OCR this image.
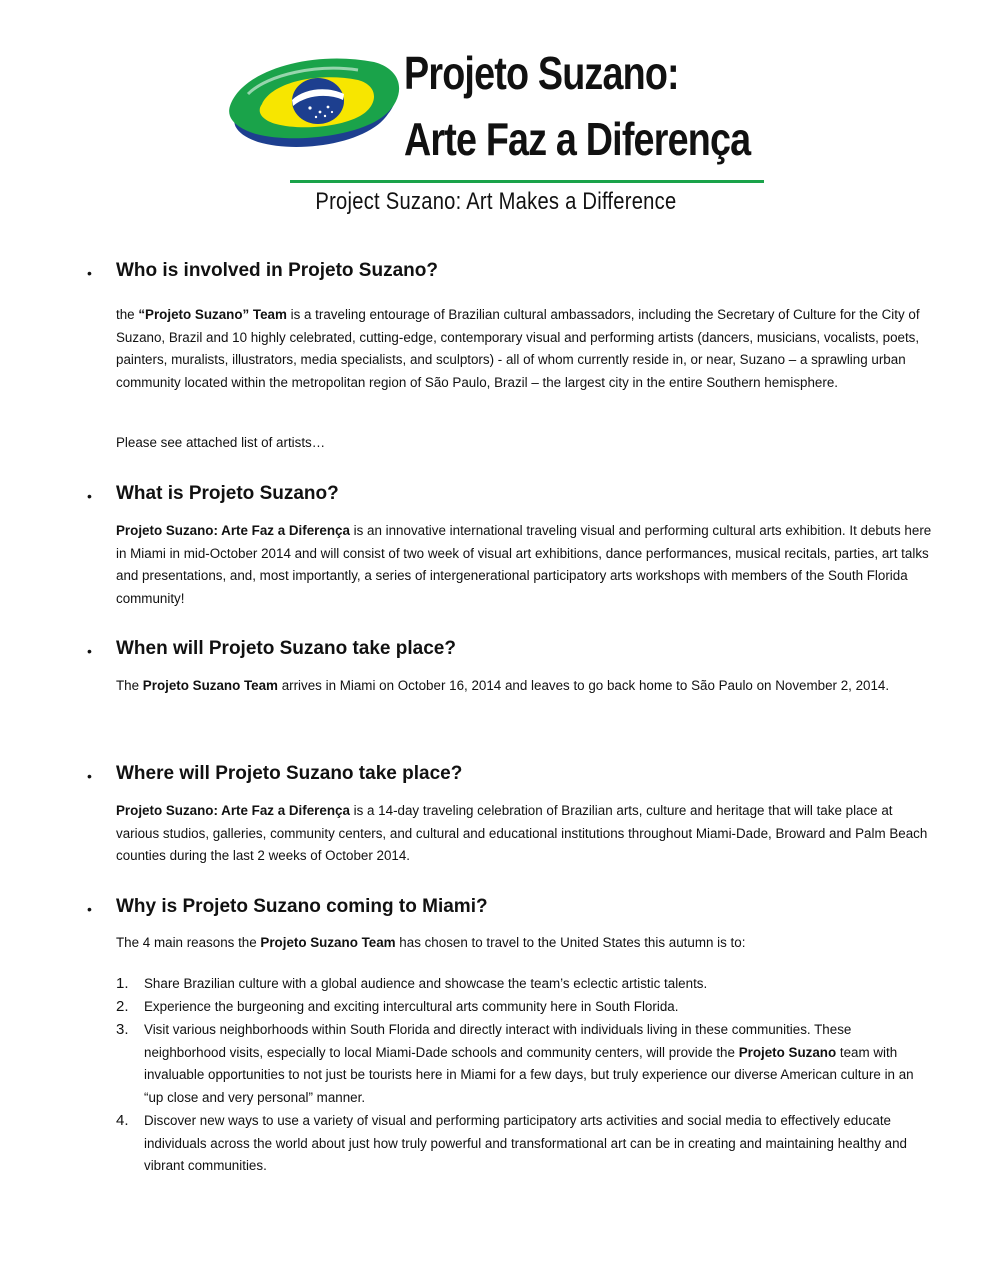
Projeto Suzano:
Arte Faz a Diferença
Project Suzano: Art Makes a Difference
• Who is involved in Projeto Suzano?
the “Projeto Suzano” Team is a traveling entourage of Brazilian cultural ambassadors, including the Secretary of Culture for the City of Suzano, Brazil and 10 highly celebrated, cutting-edge, contemporary visual and performing artists (dancers, musicians, vocalists, poets, painters, muralists, illustrators, media specialists, and sculptors) - all of whom currently reside in, or near, Suzano – a sprawling urban community located within the metropolitan region of São Paulo, Brazil – the largest city in the entire Southern hemisphere.
Please see attached list of artists…
• What is Projeto Suzano?
Projeto Suzano: Arte Faz a Diferença is an innovative international traveling visual and performing cultural arts exhibition. It debuts here in Miami in mid-October 2014 and will consist of two week of visual art exhibitions, dance performances, musical recitals, parties, art talks and presentations, and, most importantly, a series of intergenerational participatory arts workshops with members of the South Florida community!
• When will Projeto Suzano take place?
The Projeto Suzano Team arrives in Miami on October 16, 2014 and leaves to go back home to São Paulo on November 2, 2014.
• Where will Projeto Suzano take place?
Projeto Suzano: Arte Faz a Diferença is a 14-day traveling celebration of Brazilian arts, culture and heritage that will take place at various studios, galleries, community centers, and cultural and educational institutions throughout Miami-Dade, Broward and Palm Beach counties during the last 2 weeks of October 2014.
• Why is Projeto Suzano coming to Miami?
The 4 main reasons the Projeto Suzano Team has chosen to travel to the United States this autumn is to:
1. Share Brazilian culture with a global audience and showcase the team’s eclectic artistic talents.
2. Experience the burgeoning and exciting intercultural arts community here in South Florida.
3. Visit various neighborhoods within South Florida and directly interact with individuals living in these communities. These neighborhood visits, especially to local Miami-Dade schools and community centers, will provide the Projeto Suzano team with invaluable opportunities to not just be tourists here in Miami for a few days, but truly experience our diverse American culture in an “up close and very personal” manner.
4. Discover new ways to use a variety of visual and performing participatory arts activities and social media to effectively educate individuals across the world about just how truly powerful and transformational art can be in creating and maintaining healthy and vibrant communities.
